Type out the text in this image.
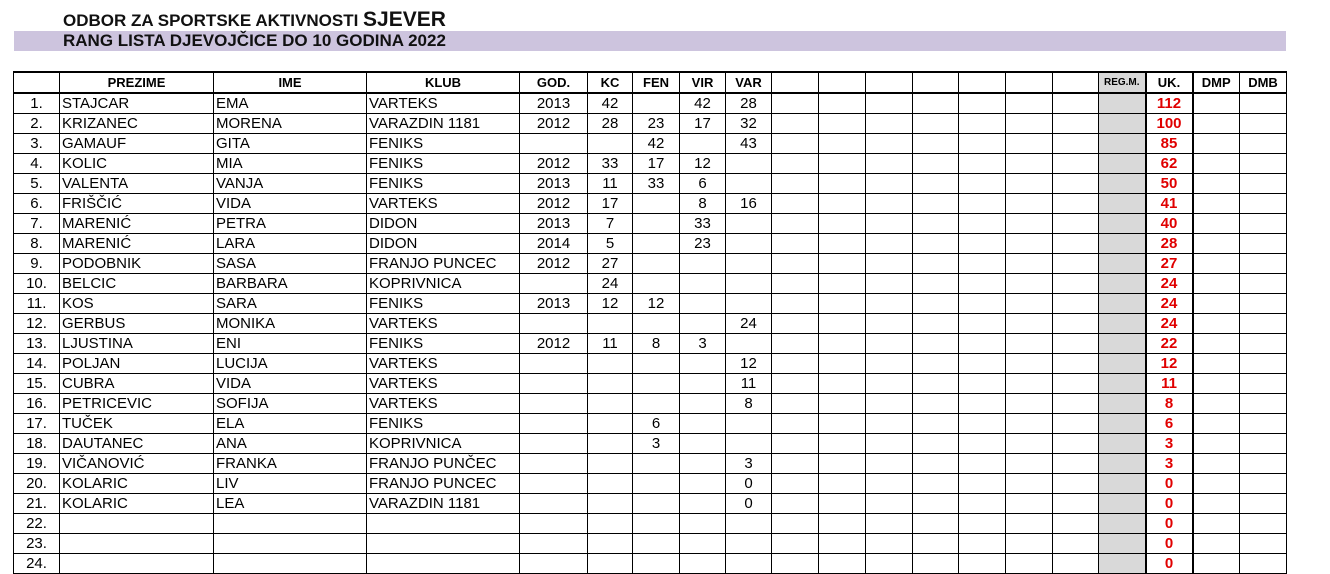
ODBOR ZA SPORTSKE AKTIVNOSTI SJEVER
RANG LISTA DJEVOJČICE DO 10 GODINA 2022
	PREZIME	IME	KLUB	GOD.	KC	FEN	VIR	VAR								REG.M.	UK.	DMP	DMB
1.	STAJCAR	EMA	VARTEKS	2013	42		42	28									112		
2.	KRIZANEC	MORENA	VARAZDIN 1181	2012	28	23	17	32									100		
3.	GAMAUF	GITA	FENIKS			42		43									85		
4.	KOLIC	MIA	FENIKS	2012	33	17	12										62		
5.	VALENTA	VANJA	FENIKS	2013	11	33	6										50		
6.	FRIŠČIĆ	VIDA	VARTEKS	2012	17		8	16									41		
7.	MARENIĆ	PETRA	DIDON	2013	7		33										40		
8.	MARENIĆ	LARA	DIDON	2014	5		23										28		
9.	PODOBNIK	SASA	FRANJO PUNCEC	2012	27												27		
10.	BELCIC	BARBARA	KOPRIVNICA		24												24		
11.	KOS	SARA	FENIKS	2013	12	12											24		
12.	GERBUS	MONIKA	VARTEKS					24									24		
13.	LJUSTINA	ENI	FENIKS	2012	11	8	3										22		
14.	POLJAN	LUCIJA	VARTEKS					12									12		
15.	CUBRA	VIDA	VARTEKS					11									11		
16.	PETRICEVIC	SOFIJA	VARTEKS					8									8		
17.	TUČEK	ELA	FENIKS			6											6		
18.	DAUTANEC	ANA	KOPRIVNICA			3											3		
19.	VIČANOVIĆ	FRANKA	FRANJO PUNČEC					3									3		
20.	KOLARIC	LIV	FRANJO PUNCEC					0									0		
21.	KOLARIC	LEA	VARAZDIN 1181					0									0		
22.																	0		
23.																	0		
24.																	0		
